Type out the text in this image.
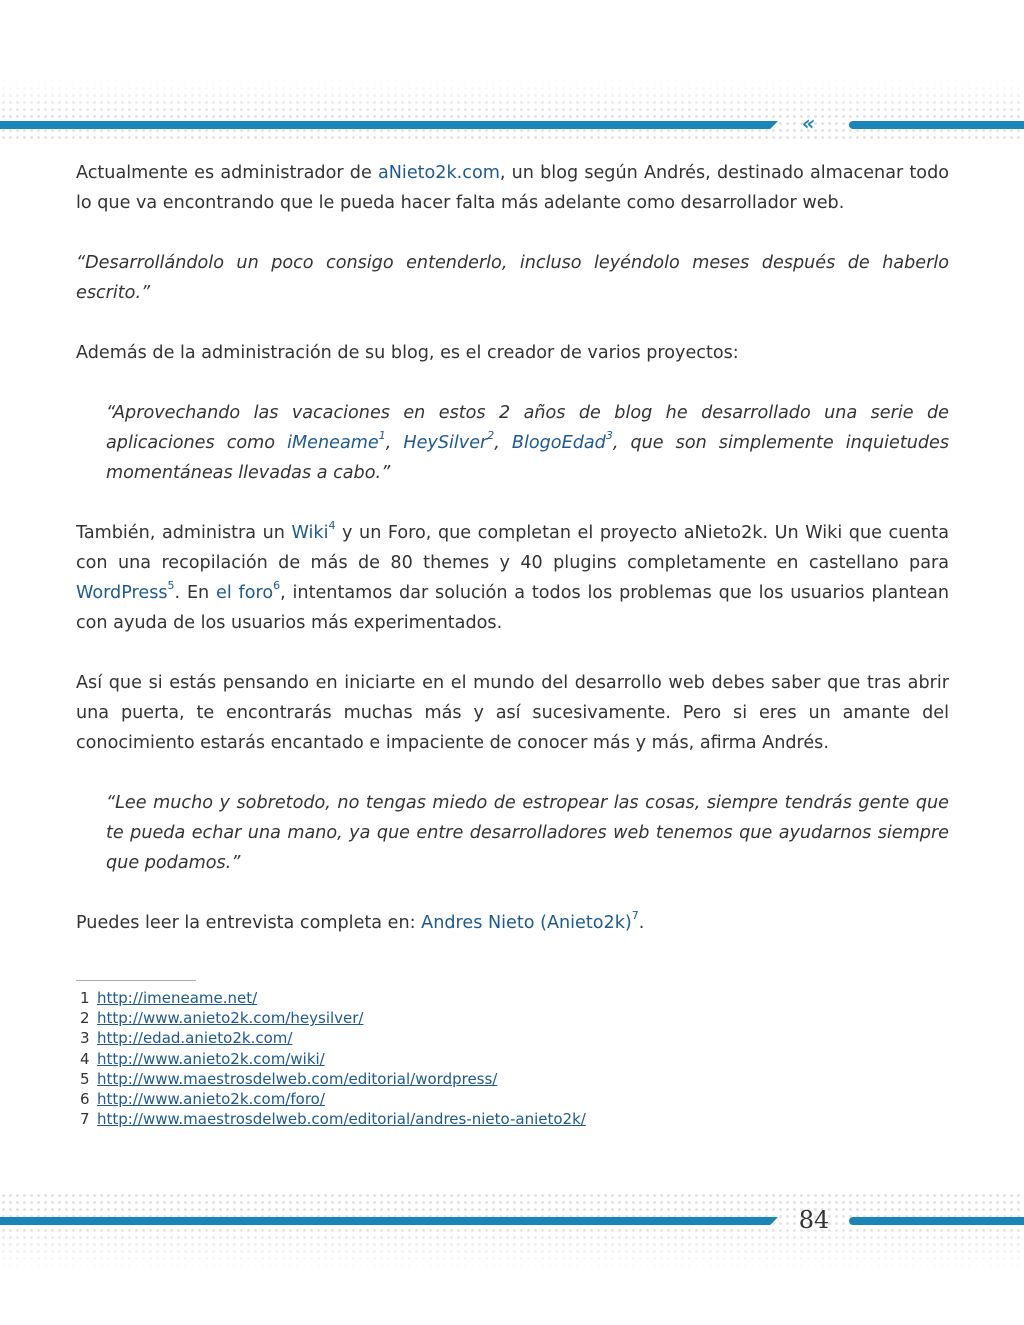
«

Actualmente es administrador de aNieto2k.com, un blog según Andrés, destinado almacenar todo lo que va encontrando que le pueda hacer falta más adelante como desarrollador web.

“Desarrollándolo un poco consigo entenderlo, incluso leyéndolo meses después de haberlo escrito.”

Además de la administración de su blog, es el creador de varios proyectos:

“Aprovechando las vacaciones en estos 2 años de blog he desarrollado una serie de aplicaciones como iMeneame$^1$, HeySilver$^2$, BlogoEdad$^3$, que son simplemente inquietudes momentáneas llevadas a cabo.”

También, administra un Wiki$^4$ y un Foro, que completan el proyecto aNieto2k. Un Wiki que cuenta con una recopilación de más de 80 themes y 40 plugins completamente en castellano para WordPress$^5$. En el foro$^6$, intentamos dar solución a todos los problemas que los usuarios plantean con ayuda de los usuarios más experimentados.

Así que si estás pensando en iniciarte en el mundo del desarrollo web debes saber que tras abrir una puerta, te encontrarás muchas más y así sucesivamente. Pero si eres un amante del conocimiento estarás encantado e impaciente de conocer más y más, afirma Andrés.

“Lee mucho y sobretodo, no tengas miedo de estropear las cosas, siempre tendrás gente que te pueda echar una mano, ya que entre desarrolladores web tenemos que ayudarnos siempre que podamos.”

Puedes leer la entrevista completa en: Andres Nieto (Anieto2k)$^7$.

1 http://imeneame.net/
2 http://www.anieto2k.com/heysilver/
3 http://edad.anieto2k.com/
4 http://www.anieto2k.com/wiki/
5 http://www.maestrosdelweb.com/editorial/wordpress/
6 http://www.anieto2k.com/foro/
7 http://www.maestrosdelweb.com/editorial/andres-nieto-anieto2k/
84
